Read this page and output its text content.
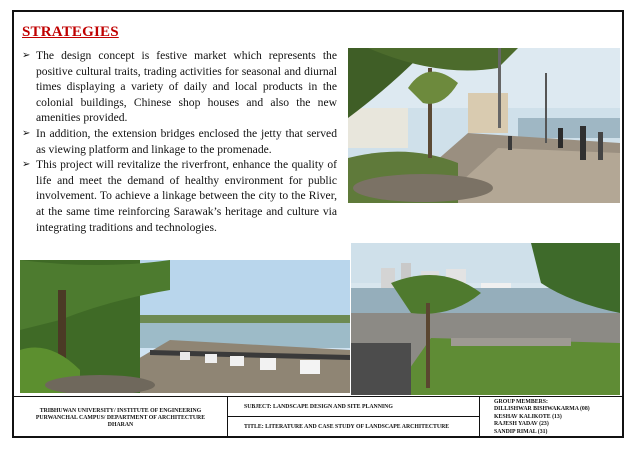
STRATEGIES
➢ The design concept is festive market which represents the positive cultural traits, trading activities for seasonal and diurnal times displaying a variety of daily and local products in the colonial buildings, Chinese shop houses and also the new amenities provided.
➢ In addition, the extension bridges enclosed the jetty that served as viewing platform and linkage to the promenade.
➢ This project will revitalize the riverfront, enhance the quality of life and meet the demand of healthy environment for public involvement. To achieve a linkage between the city to the River, at the same time reinforcing Sarawak’s heritage and culture via integrating traditions and technologies.
TRIBHUWAN UNIVERSITY/ INSTITUTE OF ENGINEERING
PURWANCHAL CAMPUS/ DEPARTMENT OF ARCHITECTURE
DHARAN
SUBJECT: LANDSCAPE DESIGN AND SITE PLANNING
TITLE: LITERATURE AND CASE STUDY OF LANDSCAPE ARCHITECTURE
GROUP MEMBERS:
DILLISHWAR BISHWAKARMA (08)
KESHAV KALIKOTE (13)
RAJESH YADAV (23)
SANDIP RIMAL (31)
